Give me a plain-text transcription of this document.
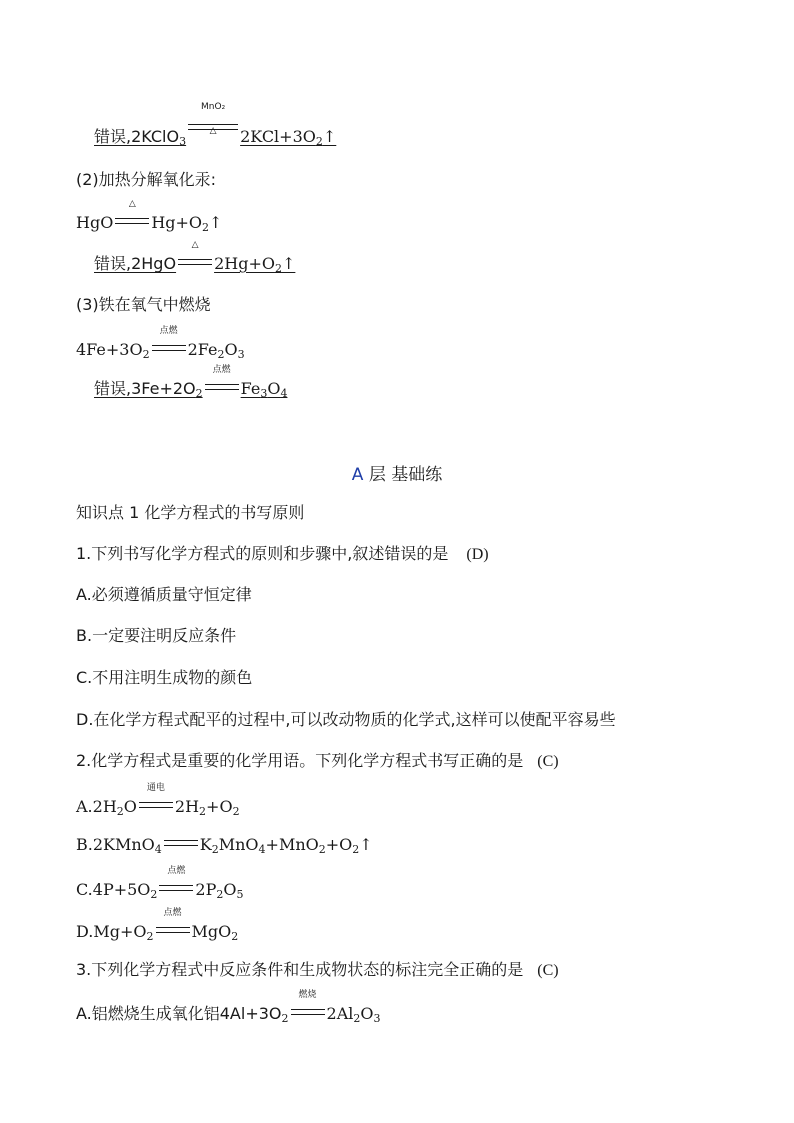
错误,2KClO$_3$
MnO₂
△	$2KCl+3O_2↑$
(2)加热分解氧化汞:
HgO
△
$Hg+O_2↑$
错误,2HgO
△
$2Hg+O_2↑$
(3)铁在氧气中燃烧
$4Fe+3O_2$
点燃
$2Fe_2O_3$
错误$,3Fe+2O_2$
点燃
$Fe_3O_4$
A 层 基础练
知识点 1 化学方程式的书写原则
1.下列书写化学方程式的原则和步骤中,叙述错误的是 (D)
A.必须遵循质量守恒定律
B.一定要注明反应条件
C.不用注明生成物的颜色
D.在化学方程式配平的过程中,可以改动物质的化学式,这样可以使配平容易些
2.化学方程式是重要的化学用语。下列化学方程式书写正确的是 (C)
$A.2H_2O$
通电
$2H_2+O_2$
B.2KMnO$_4$ $K_2MnO_4+MnO_2+O_2↑$
$C.4P+5O_2$
点燃
$2P_2O_5$
$D.Mg+O_2$
点燃
MgO$_2$
3.下列化学方程式中反应条件和生成物状态的标注完全正确的是 (C)
A.铝燃烧生成氧化铝$4Al+3O_2$
燃烧
$2Al_2O_3$
